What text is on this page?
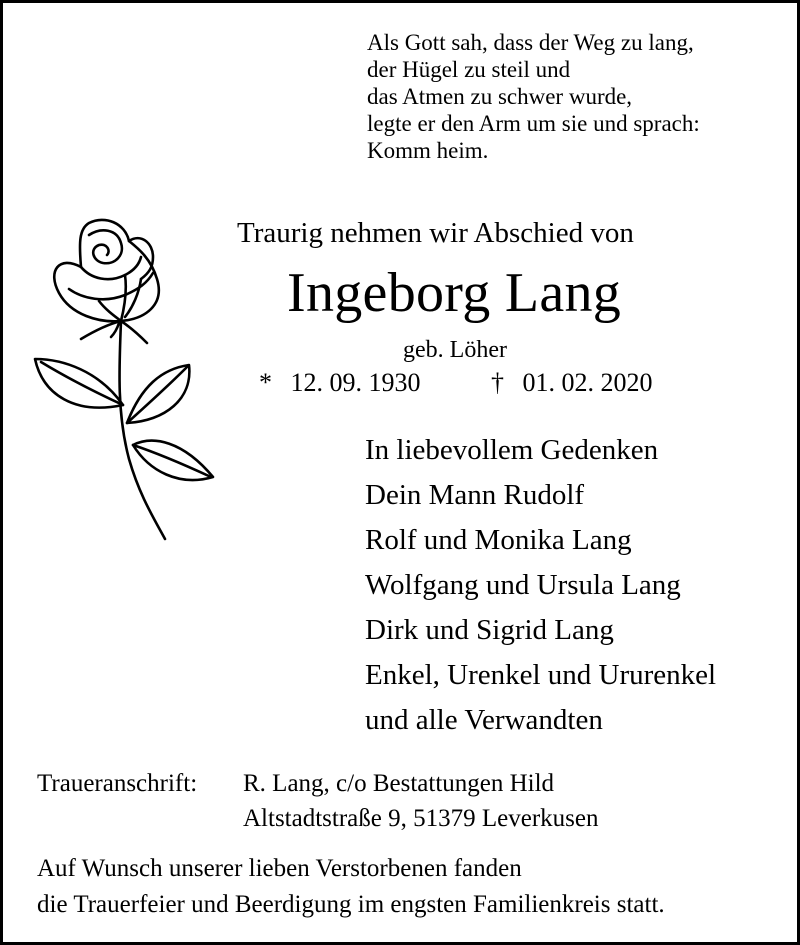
Als Gott sah, dass der Weg zu lang,
der Hügel zu steil und
das Atmen zu schwer wurde,
legte er den Arm um sie und sprach:
Komm heim.
Traurig nehmen wir Abschied von
Ingeborg Lang
geb. Löher
* 12. 09. 1930	† 01. 02. 2020
In liebevollem Gedenken
Dein Mann Rudolf
Rolf und Monika Lang
Wolfgang und Ursula Lang
Dirk und Sigrid Lang
Enkel, Urenkel und Ururenkel
und alle Verwandten
Traueranschrift:	R. Lang, c/o Bestattungen Hild
Altstadtstraße 9, 51379 Leverkusen
Auf Wunsch unserer lieben Verstorbenen fanden
die Trauerfeier und Beerdigung im engsten Familienkreis statt.
